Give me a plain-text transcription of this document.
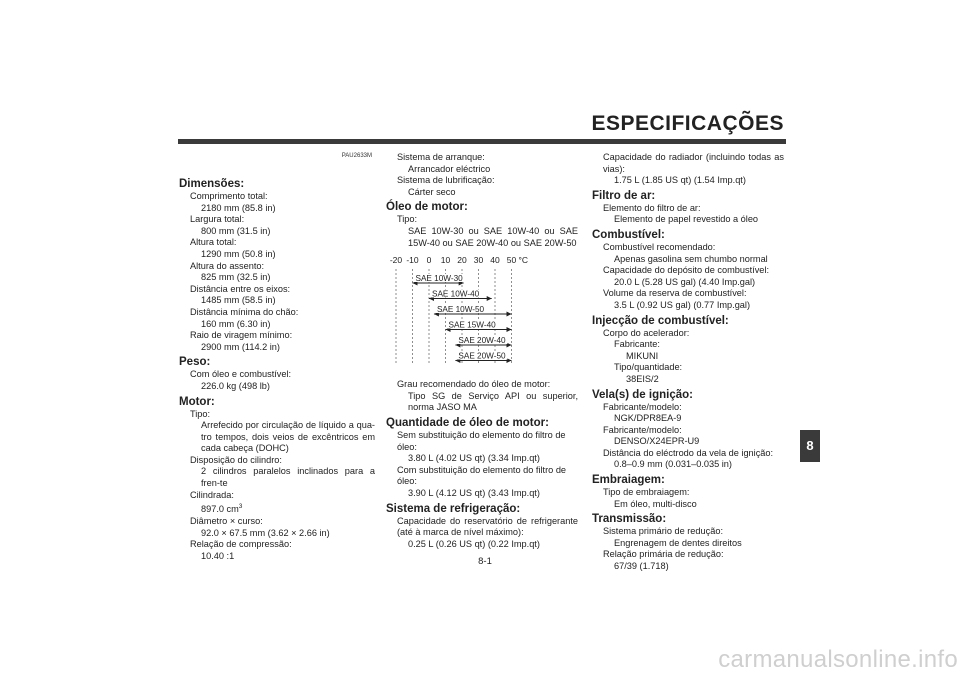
ESPECIFICAÇÕES
PAU2633M
Dimensões:
Comprimento total:
2180 mm (85.8 in)
Largura total:
800 mm (31.5 in)
Altura total:
1290 mm (50.8 in)
Altura do assento:
825 mm (32.5 in)
Distância entre os eixos:
1485 mm (58.5 in)
Distância mínima do chão:
160 mm (6.30 in)
Raio de viragem mínimo:
2900 mm (114.2 in)
Peso:
Com óleo e combustível:
226.0 kg (498 lb)
Motor:
Tipo:
Arrefecido por circulação de líquido a qua-tro tempos, dois veios de excêntricos em cada cabeça (DOHC)
Disposição do cilindro:
2 cilindros paralelos inclinados para a fren-te
Cilindrada:
897.0 $cm^3$
Diâmetro × curso:
92.0 × 67.5 mm (3.62 × 2.66 in)
Relação de compressão:
10.40 :1
Sistema de arranque:
Arrancador eléctrico
Sistema de lubrificação:
Cárter seco
Óleo de motor:
Tipo:
SAE 10W-30 ou SAE 10W-40 ou SAE 15W-40 ou SAE 20W-40 ou SAE 20W-50
-20 -10 0 10 20 30 40 50 °C
SAE 10W-30
SAE 10W-40
SAE 10W-50
SAE 15W-40
SAE 20W-40
SAE 20W-50
Grau recomendado do óleo de motor:
Tipo SG de Serviço API ou superior, norma JASO MA
Quantidade de óleo de motor:
Sem substituição do elemento do filtro de óleo:
3.80 L (4.02 US qt) (3.34 Imp.qt)
Com substituição do elemento do filtro de óleo:
3.90 L (4.12 US qt) (3.43 Imp.qt)
Sistema de refrigeração:
Capacidade do reservatório de refrigerante (até à marca de nível máximo):
0.25 L (0.26 US qt) (0.22 Imp.qt)
Capacidade do radiador (incluindo todas as vias):
1.75 L (1.85 US qt) (1.54 Imp.qt)
Filtro de ar:
Elemento do filtro de ar:
Elemento de papel revestido a óleo
Combustível:
Combustível recomendado:
Apenas gasolina sem chumbo normal
Capacidade do depósito de combustível:
20.0 L (5.28 US gal) (4.40 Imp.gal)
Volume da reserva de combustível:
3.5 L (0.92 US gal) (0.77 Imp.gal)
Injecção de combustível:
Corpo do acelerador:
Fabricante:
MIKUNI
Tipo/quantidade:
38EIS/2
Vela(s) de ignição:
Fabricante/modelo:
NGK/DPR8EA-9
Fabricante/modelo:
DENSO/X24EPR-U9
Distância do eléctrodo da vela de ignição:
0.8–0.9 mm (0.031–0.035 in)
Embraiagem:
Tipo de embraiagem:
Em óleo, multi-disco
Transmissão:
Sistema primário de redução:
Engrenagem de dentes direitos
Relação primária de redução:
67/39 (1.718)
8
8-1
carmanualsonline.info
